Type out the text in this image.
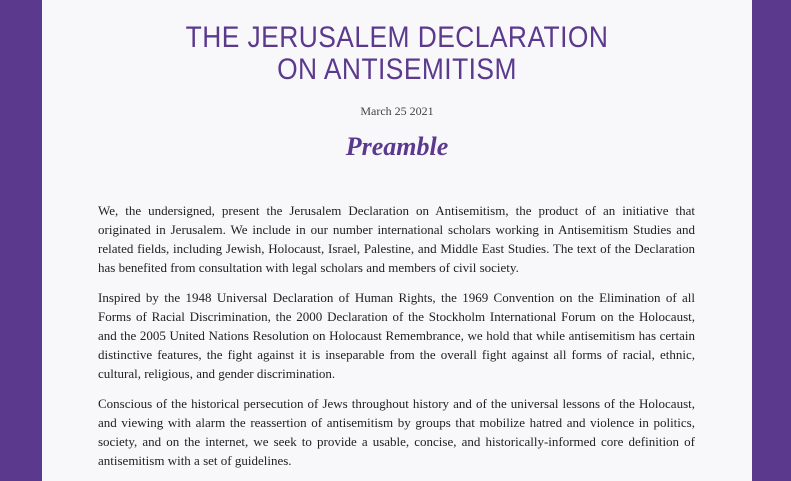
THE JERUSALEM DECLARATION
ON ANTISEMITISM
March 25 2021
Preamble

We, the undersigned, present the Jerusalem Declaration on Antisemitism, the product of an initiative that originated in Jerusalem. We include in our number international scholars working in Antisemitism Studies and related fields, including Jewish, Holocaust, Israel, Palestine, and Middle East Studies. The text of the Declaration has benefited from consultation with legal scholars and members of civil society.

Inspired by the 1948 Universal Declaration of Human Rights, the 1969 Convention on the Elimination of all Forms of Racial Discrimination, the 2000 Declaration of the Stockholm International Forum on the Holocaust, and the 2005 United Nations Resolution on Holocaust Remembrance, we hold that while antisemitism has certain distinctive features, the fight against it is inseparable from the overall fight against all forms of racial, ethnic, cultural, religious, and gender discrimination.

Conscious of the historical persecution of Jews throughout history and of the universal lessons of the Holocaust, and viewing with alarm the reassertion of antisemitism by groups that mobilize hatred and violence in politics, society, and on the internet, we seek to provide a usable, concise, and historically-informed core definition of antisemitism with a set of guidelines.
